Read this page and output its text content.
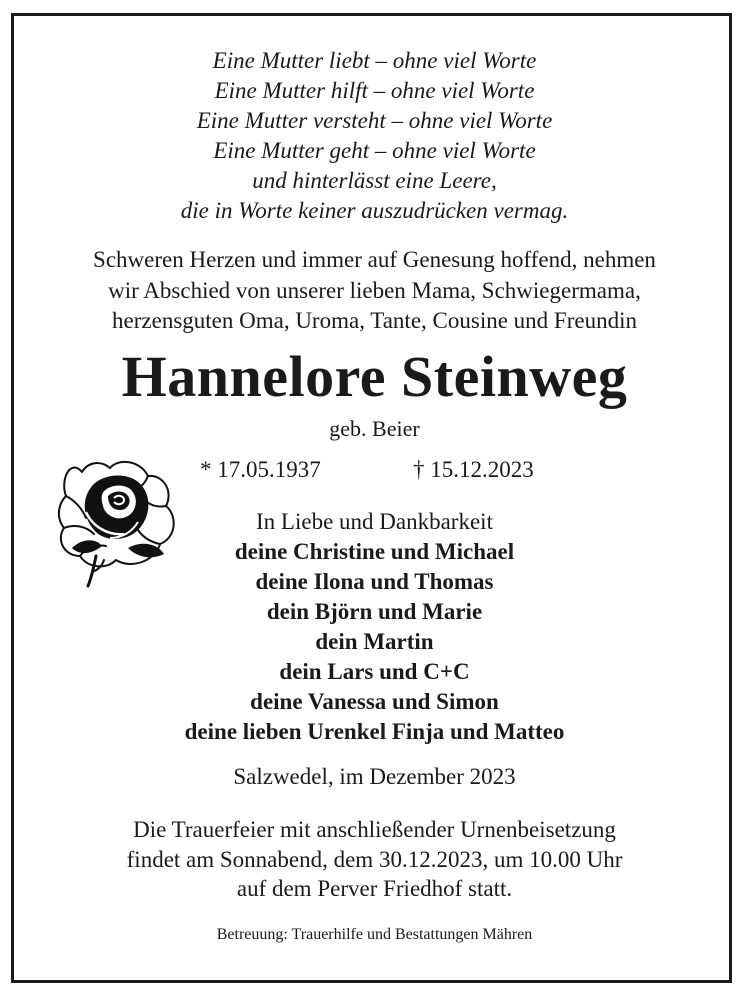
Eine Mutter liebt – ohne viel Worte
Eine Mutter hilft – ohne viel Worte
Eine Mutter versteht – ohne viel Worte
Eine Mutter geht – ohne viel Worte
und hinterlässt eine Leere,
die in Worte keiner auszudrücken vermag.
Schweren Herzen und immer auf Genesung hoffend, nehmen
wir Abschied von unserer lieben Mama, Schwiegermama,
herzensguten Oma, Uroma, Tante, Cousine und Freundin
Hannelore Steinweg
geb. Beier
* 17.05.1937	† 15.12.2023
In Liebe und Dankbarkeit
deine Christine und Michael
deine Ilona und Thomas
dein Björn und Marie
dein Martin
dein Lars und C+C
deine Vanessa und Simon
deine lieben Urenkel Finja und Matteo
Salzwedel, im Dezember 2023
Die Trauerfeier mit anschließender Urnenbeisetzung
findet am Sonnabend, dem 30.12.2023, um 10.00 Uhr
auf dem Perver Friedhof statt.
Betreuung: Trauerhilfe und Bestattungen Mähren
